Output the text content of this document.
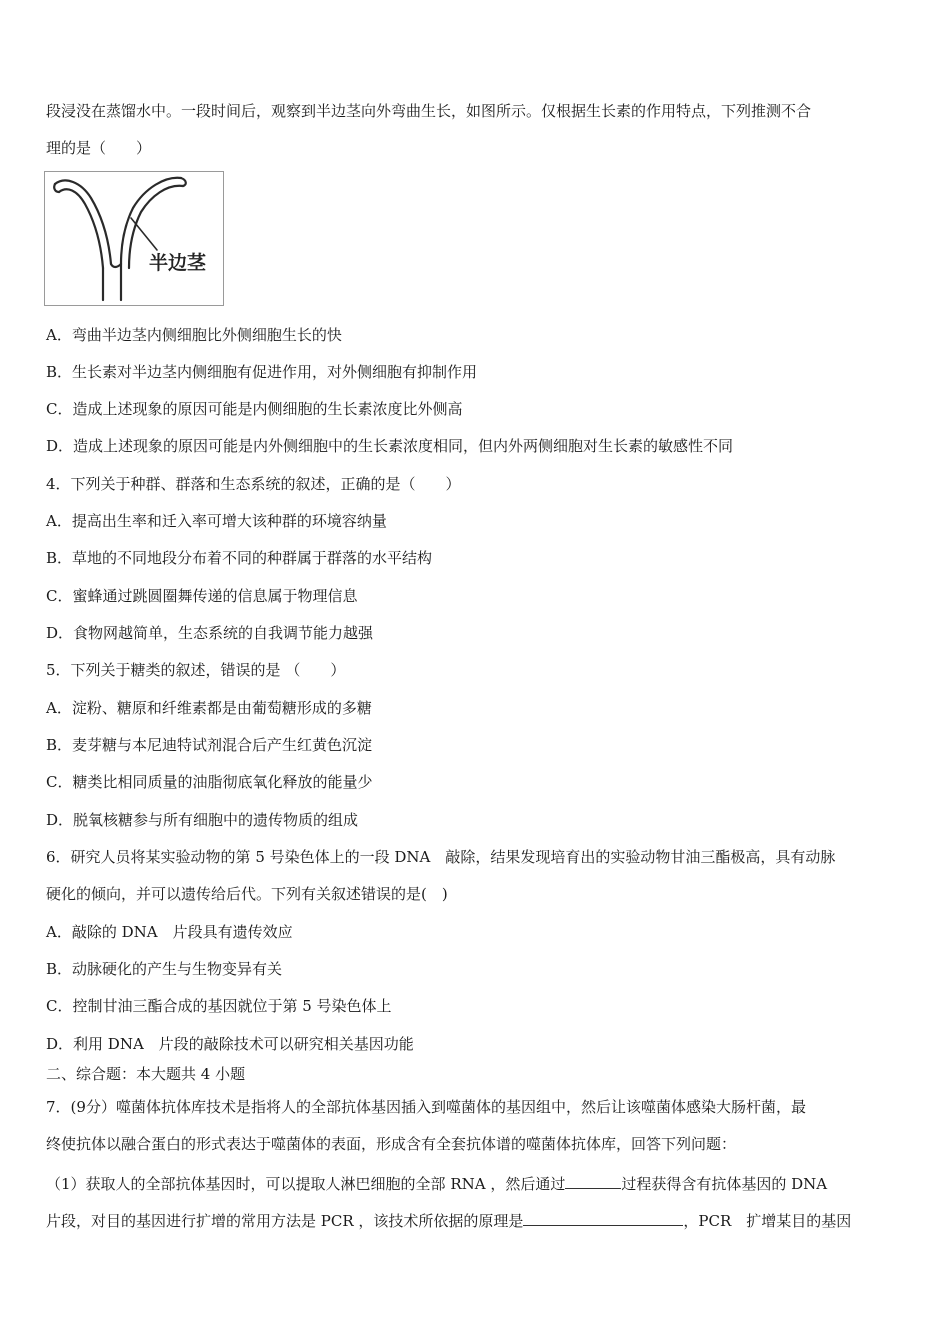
段浸没在蒸馏水中。一段时间后，观察到半边茎向外弯曲生长，如图所示。仅根据生长素的作用特点，下列推测不合
理的是（　　）
半边茎
A．弯曲半边茎内侧细胞比外侧细胞生长的快
B．生长素对半边茎内侧细胞有促进作用，对外侧细胞有抑制作用
C．造成上述现象的原因可能是内侧细胞的生长素浓度比外侧高
D．造成上述现象的原因可能是内外侧细胞中的生长素浓度相同，但内外两侧细胞对生长素的敏感性不同
4．下列关于种群、群落和生态系统的叙述，正确的是（　　）
A．提高出生率和迁入率可增大该种群的环境容纳量
B．草地的不同地段分布着不同的种群属于群落的水平结构
C．蜜蜂通过跳圆圈舞传递的信息属于物理信息
D．食物网越简单，生态系统的自我调节能力越强
5．下列关于糖类的叙述，错误的是 （　　）
A．淀粉、糖原和纤维素都是由葡萄糖形成的多糖
B．麦芽糖与本尼迪特试剂混合后产生红黄色沉淀
C．糖类比相同质量的油脂彻底氧化释放的能量少
D．脱氧核糖参与所有细胞中的遗传物质的组成
6．研究人员将某实验动物的第 5 号染色体上的一段 DNA　敲除，结果发现培育出的实验动物甘油三酯极高，具有动脉
硬化的倾向，并可以遗传给后代。下列有关叙述错误的是(　)
A．敲除的 DNA　片段具有遗传效应
B．动脉硬化的产生与生物变异有关
C．控制甘油三酯合成的基因就位于第 5 号染色体上
D．利用 DNA　片段的敲除技术可以研究相关基因功能
二、综合题：本大题共 4 小题
7．(9分）噬菌体抗体库技术是指将人的全部抗体基因插入到噬菌体的基因组中，然后让该噬菌体感染大肠杆菌，最
终使抗体以融合蛋白的形式表达于噬菌体的表面，形成含有全套抗体谱的噬菌体抗体库，回答下列问题：
（1）获取人的全部抗体基因时，可以提取人淋巴细胞的全部 RNA ，然后通过	过程获得含有抗体基因的 DNA
片段，对目的基因进行扩增的常用方法是 PCR ，该技术所依据的原理是	，PCR　扩增某目的基因
